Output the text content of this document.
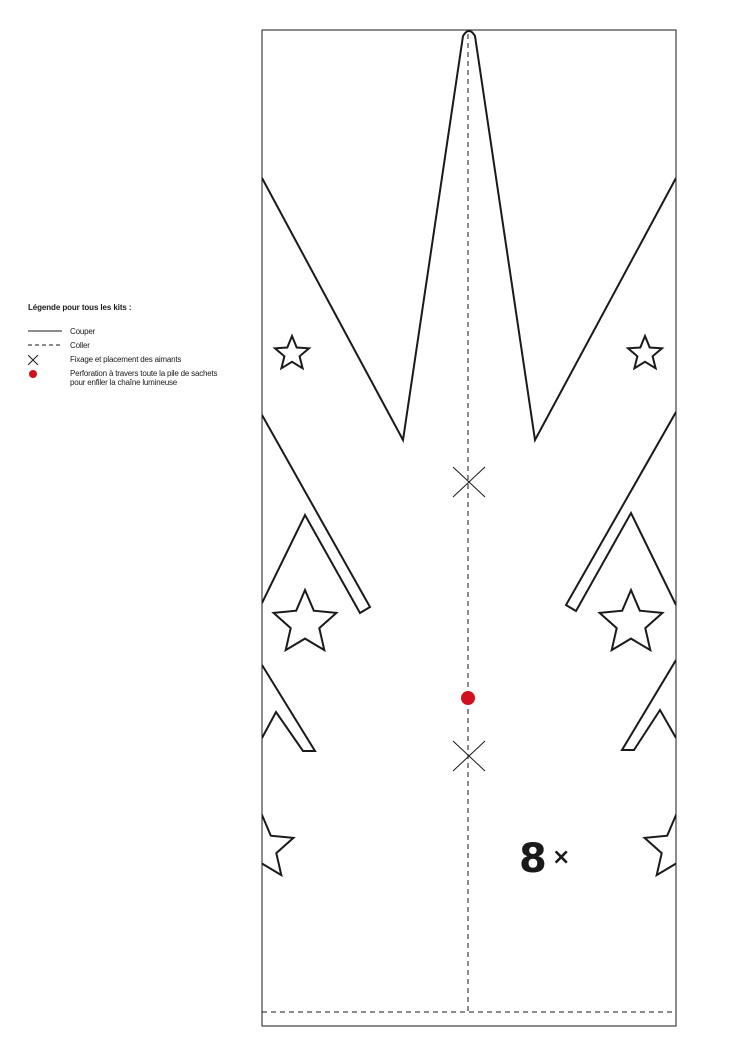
Légende pour tous les kits :
Couper
Coller
Fixage et placement des aimants
Perforation à travers toute la pile de sachets pour enfiler la chaîne lumineuse
8 ×
